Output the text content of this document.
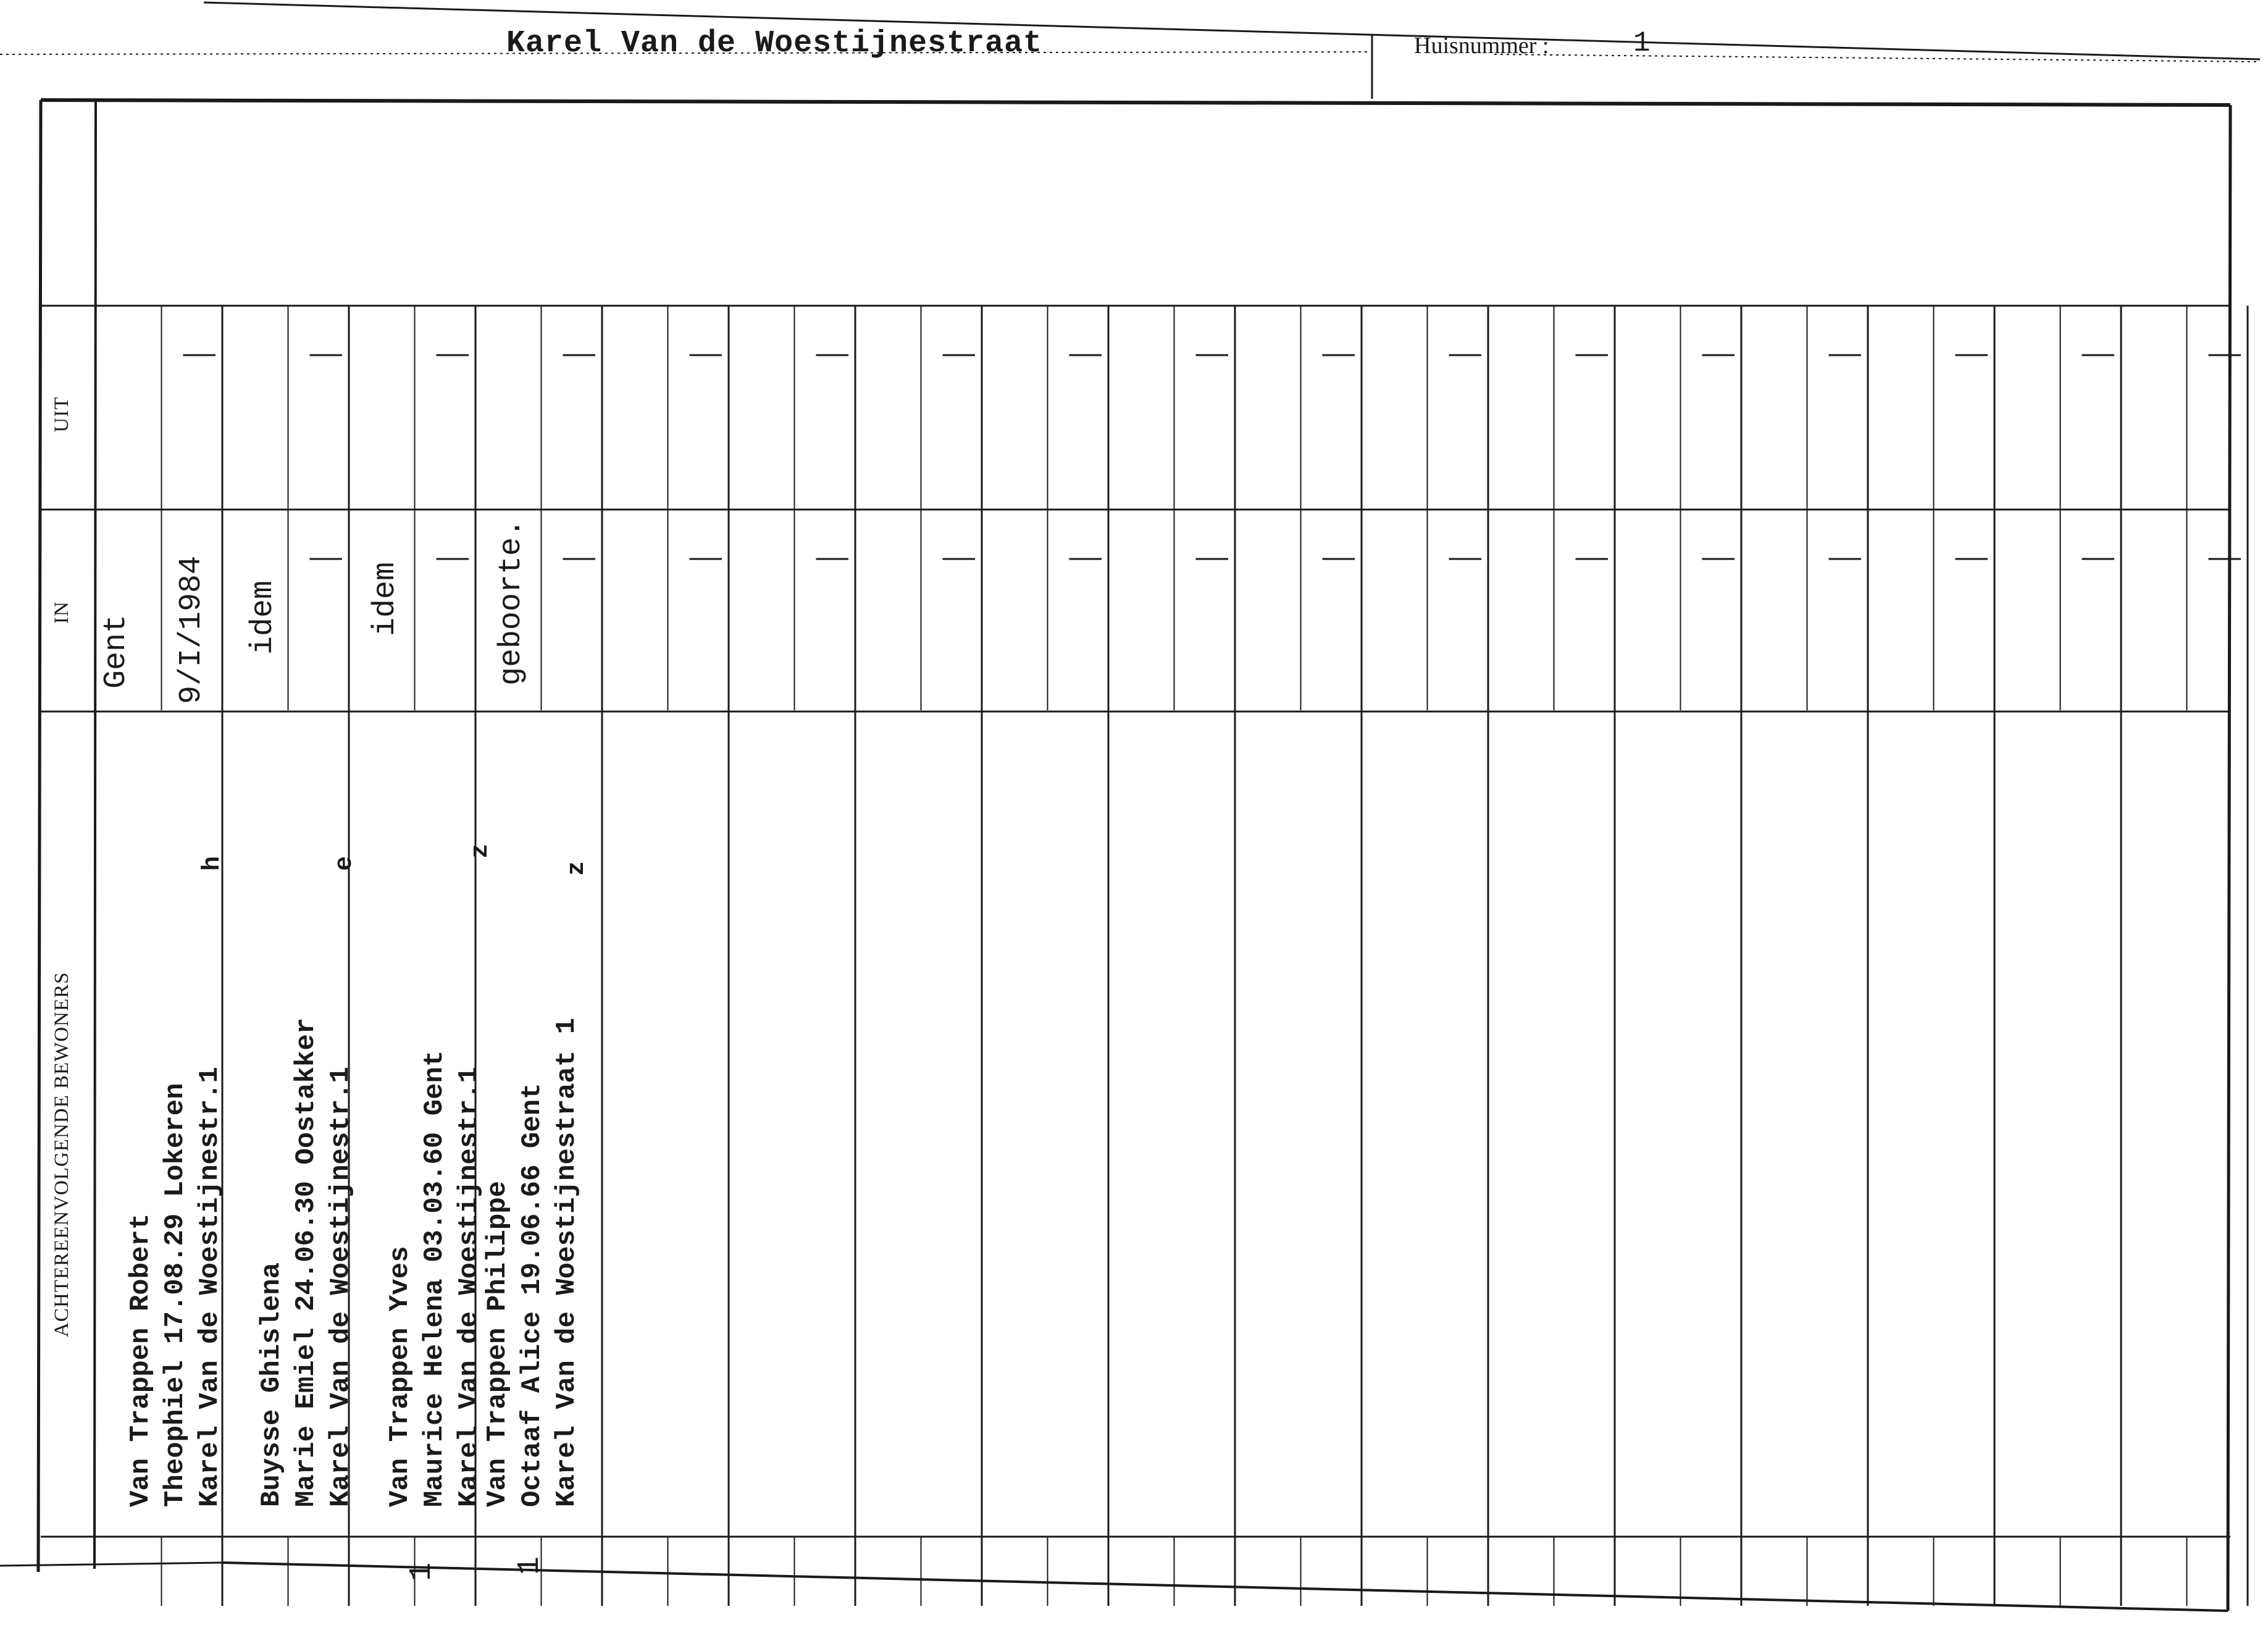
Karel Van de Woestijnestraat	Huisnummer :	1
UIT
IN
ACHTEREENVOLGENDE BEWONERS
Gent 9/I/1984
Van Trappen Robert Theophiel 17.08.29 Lokeren Karel Van de Woestijnestr.1
h
idem
Buysse Ghislena Marie Emiel 24.06.30 Oostakker Karel Van de Woestijnestr.1
e
idem
Van Trappen Yves Maurice Helena 03.03.60 Gent Karel Van de Woestijnestr.1
z
geboorte.
Van Trappen Philippe Octaaf Alice 19.06.66 Gent Karel Van de Woestijnestraat 1
z
1 1
